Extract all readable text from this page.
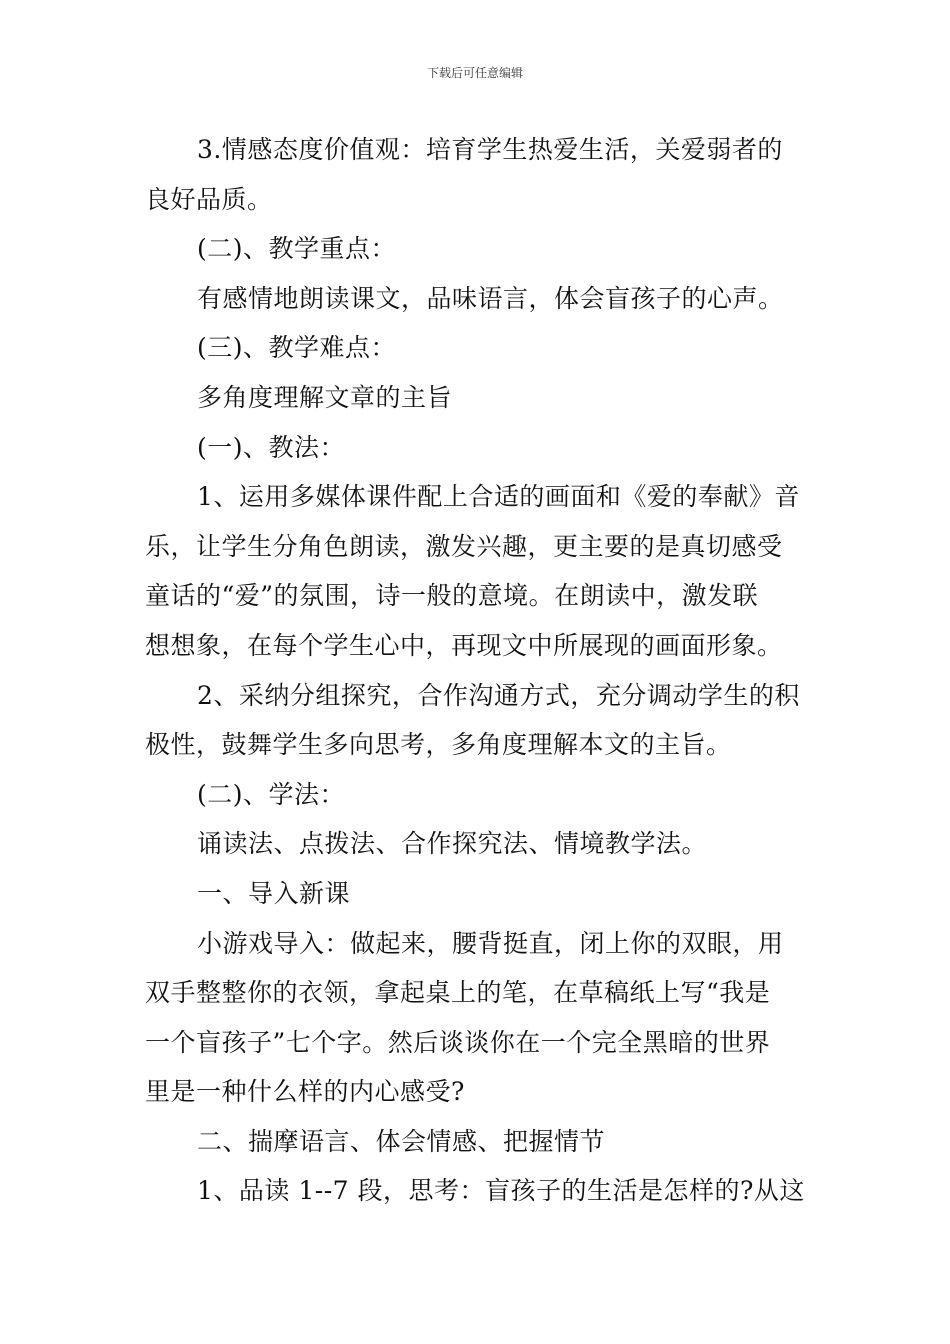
下载后可任意编辑
3.情感态度价值观：培育学生热爱生活，关爱弱者的
良好品质。
(二)、教学重点：
有感情地朗读课文，品味语言，体会盲孩子的心声。
(三)、教学难点：
多角度理解文章的主旨
(一)、教法：
1、运用多媒体课件配上合适的画面和《爱的奉献》音
乐，让学生分角色朗读，激发兴趣，更主要的是真切感受
童话的“爱”的氛围，诗一般的意境。在朗读中，激发联
想想象，在每个学生心中，再现文中所展现的画面形象。
2、采纳分组探究，合作沟通方式，充分调动学生的积
极性，鼓舞学生多向思考，多角度理解本文的主旨。
(二)、学法：
诵读法、点拨法、合作探究法、情境教学法。
一、导入新课
小游戏导入：做起来，腰背挺直，闭上你的双眼，用
双手整整你的衣领，拿起桌上的笔，在草稿纸上写“我是
一个盲孩子”七个字。然后谈谈你在一个完全黑暗的世界
里是一种什么样的内心感受?
二、揣摩语言、体会情感、把握情节
1、品读 1--7 段，思考：盲孩子的生活是怎样的?从这
